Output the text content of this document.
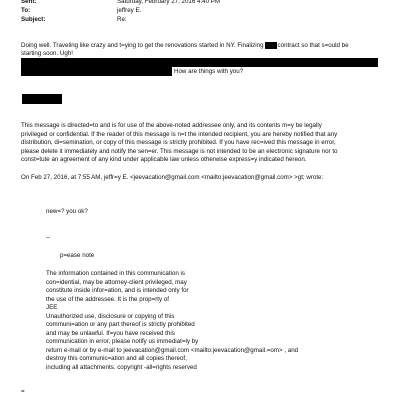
Sent:	Saturday, February 27, 2016 4:40 PM
To:	jeffrey E.
Subject:	Re:

Doing well. Traveling like crazy and t=ying to get the renovations started in NY. Finalizing contract so that s=ould be

starting soon. Ugh!

How are things with you?

This message is directed=to and is for use of the above-noted addressee only, and its contents m=y be legally

privileged or confidential. If the reader of this message is n=t the intended recipient, you are hereby notified that any

distribution, di=semination, or copy of this message is strictly prohibited. If you have rec=ived this message in error,

please delete it immediately and notify the sen=er. This message is not intended to be an electronic signature nor to

const=tute an agreement of any kind under applicable law unless otherwise express=y indicated hereon.

On Feb 27, 2016, at 7:55 AM, jeffr=y E. <jeevacation@gmail.com <mailto:jeevacation@gmail.com> >gt; wrote:

new=? you ok?

--

p=ease note

The information contained in this communication is

con=idential, may be attorney-client privileged, may

constitute inside infor=ation, and is intended only for

the use of the addressee. It is the prop=rty of

JEE

Unauthorized use, disclosure or copying of this

communi=ation or any part thereof is strictly prohibited

and may be unlawful. If=you have received this

communication in error, please notify us immediat=ly by

return e-mail or by e-mail to jeevacation@gmail.com <mailto:jeevacation@gmail.=om> , and

destroy this communic=ation and all copies thereof,

including all attachments. copyright -all=rights reserved

=
